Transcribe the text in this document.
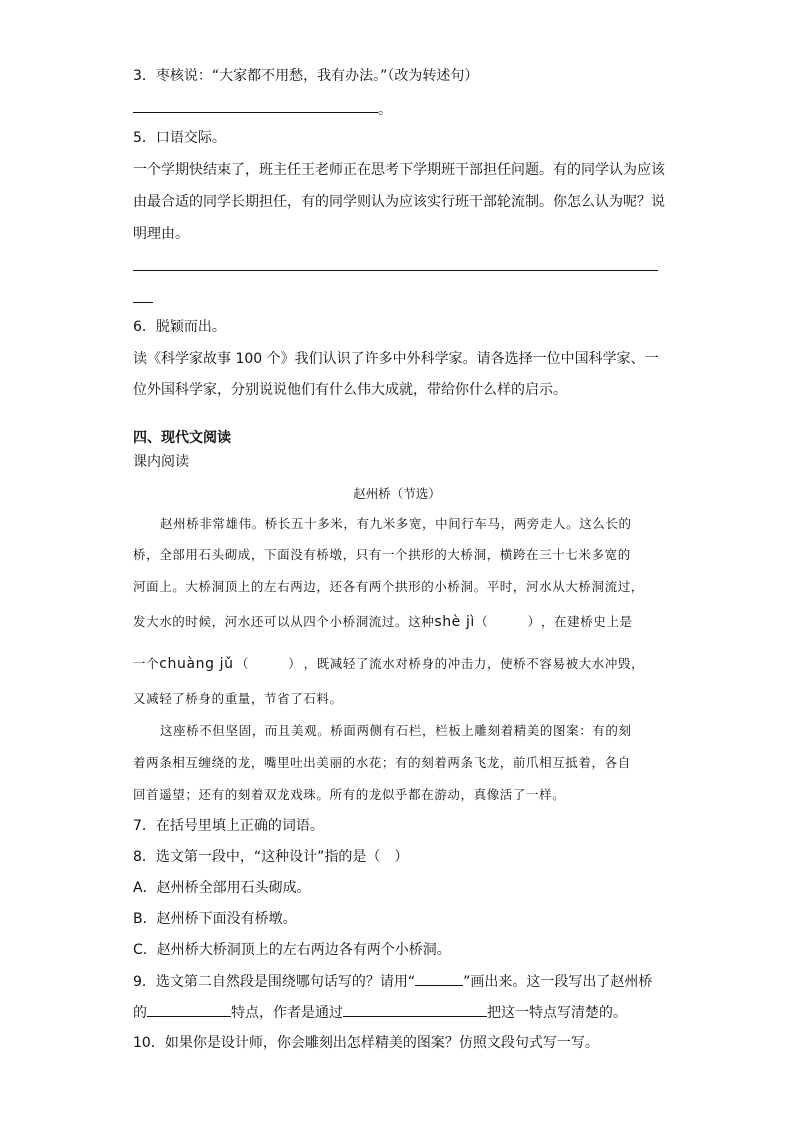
3．枣核说：“大家都不用愁，我有办法。”（改为转述句）
。
5．口语交际。
一个学期快结束了，班主任王老师正在思考下学期班干部担任问题。有的同学认为应该
由最合适的同学长期担任，有的同学则认为应该实行班干部轮流制。你怎么认为呢？说
明理由。
6．脱颖而出。
读《科学家故事 100 个》我们认识了许多中外科学家。请各选择一位中国科学家、一
位外国科学家，分别说说他们有什么伟大成就，带给你什么样的启示。
四、现代文阅读
课内阅读
赵州桥（节选）
赵州桥非常雄伟。桥长五十多米，有九米多宽，中间行车马，两旁走人。这么长的
桥，全部用石头砌成，下面没有桥墩，只有一个拱形的大桥洞，横跨在三十七米多宽的
河面上。大桥洞顶上的左右两边，还各有两个拱形的小桥洞。平时，河水从大桥洞流过，
发大水的时候，河水还可以从四个小桥洞流过。这种shè jì（　　　），在建桥史上是
一个chuàng jǔ （　　　） ，既减轻了流水对桥身的冲击力，使桥不容易被大水冲毁，
又减轻了桥身的重量，节省了石料。
这座桥不但坚固，而且美观。桥面两侧有石栏，栏板上雕刻着精美的图案：有的刻
着两条相互缠绕的龙，嘴里吐出美丽的水花；有的刻着两条飞龙，前爪相互抵着，各自
回首遥望；还有的刻着双龙戏珠。所有的龙似乎都在游动，真像活了一样。
7．在括号里填上正确的词语。
8．选文第一段中，“这种设计”指的是（　）
A．赵州桥全部用石头砌成。
B．赵州桥下面没有桥墩。
C．赵州桥大桥洞顶上的左右两边各有两个小桥洞。
9．选文第二自然段是围绕哪句话写的？请用“	”画出来。这一段写出了赵州桥
的	特点，作者是通过	把这一特点写清楚的。
10．如果你是设计师，你会雕刻出怎样精美的图案？仿照文段句式写一写。
